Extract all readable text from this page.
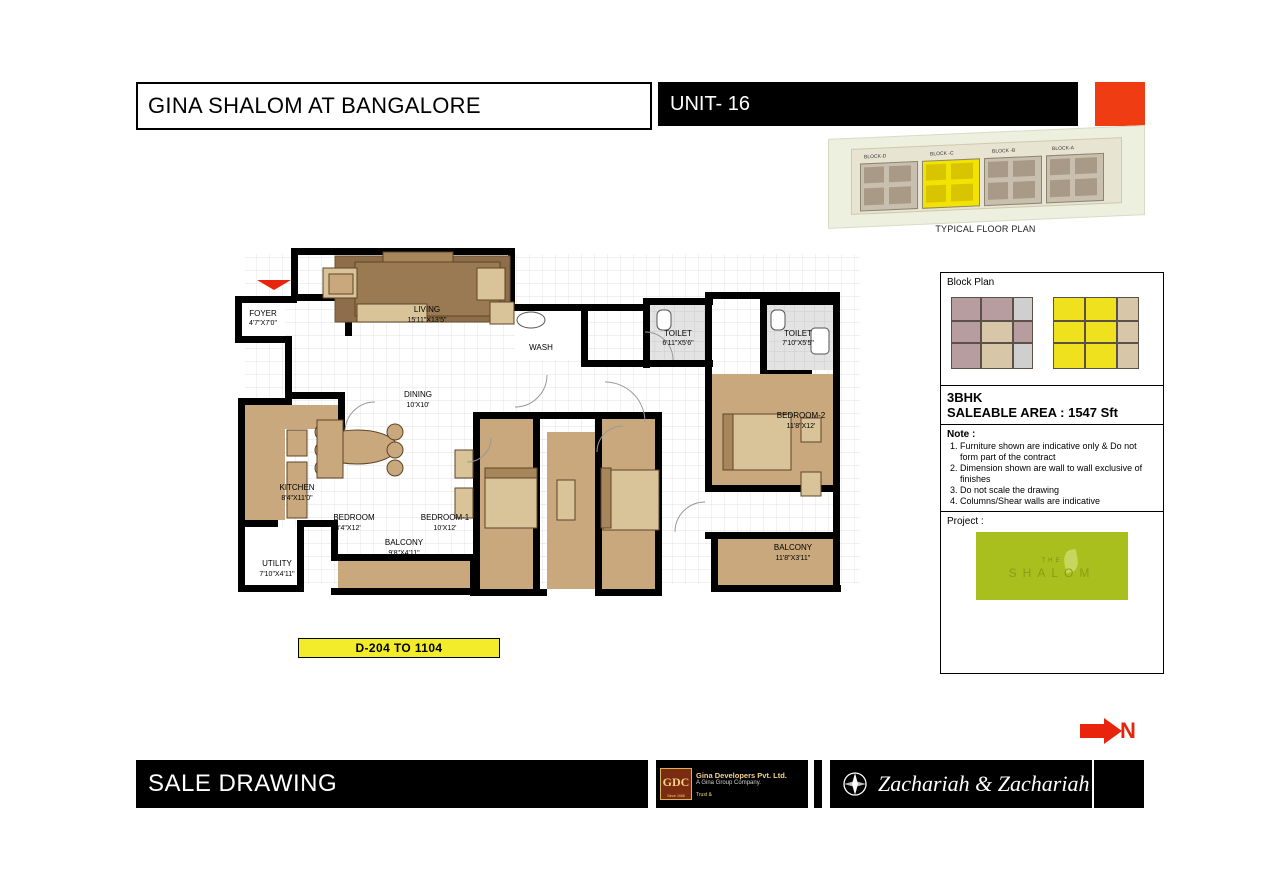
GINA SHALOM AT BANGALORE	UNIT- 16
BLOCK-D	BLOCK -C	BLOCK -B	BLOCK-A
TYPICAL FLOOR PLAN
Block Plan
3BHK
SALEABLE AREA : 1547 Sft
Note :
1. Furniture shown are indicative only & Do not form part of the contract
2. Dimension shown are wall to wall exclusive of finishes
3. Do not scale the drawing
4. Columns/Shear walls are indicative
Project :
THE
SHALOM
LIVING
15'11"X13'5"
FOYER
4'7"X7'0"
WASH
TOILET
6'11"X5'6"
TOILET
7'10"X5'5"
DINING
10'X10'
BEDROOM-2
11'8"X12'
KITCHEN
8'4"X11'0"
BEDROOM
8'4"X12'
BEDROOM-1
10'X12'
BALCONY
11'8"X3'11"
BALCONY
9'8"X4'11"
UTILITY
7'10"X4'11"
D-204 TO 1104
N
SALE DRAWING	GDC
Since 1968
Gina Developers Pvt. Ltd.
A Gina Group Company.
Trust &	Zachariah & Zachariah
